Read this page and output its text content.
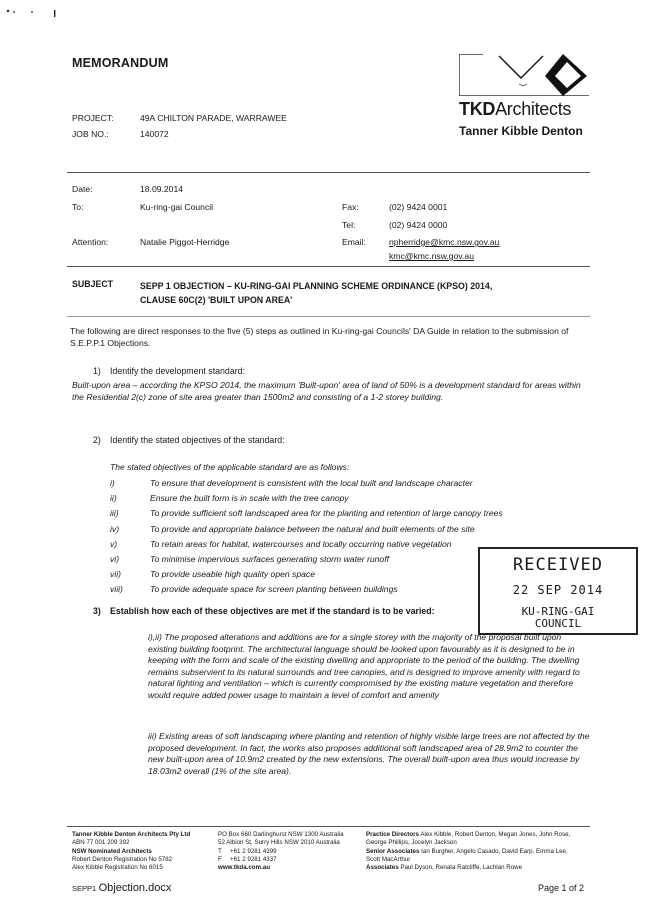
MEMORANDUM
PROJECT:	49A CHILTON PARADE, WARRAWEE
JOB NO.:	140072
TKDArchitects
Tanner Kibble Denton
Date:	18.09.2014
To:	Ku-ring-gai Council	Fax:	(02) 9424 0001
Tel:	(02) 9424 0000
Attention:	Natalie Piggot-Herridge	Email:	npherridge@kmc.nsw.gov.au
kmc@kmc.nsw.gov.au
SUBJECT	SEPP 1 OBJECTION – KU-RING-GAI PLANNING SCHEME ORDINANCE (KPSO) 2014,
CLAUSE 60C(2) 'BUILT UPON AREA'
The following are direct responses to the five (5) steps as outlined in Ku-ring-gai Councils' DA Guide in relation to the submission of S.E.P.P.1 Objections.
1) Identify the development standard:
Built-upon area – according the KPSO 2014, the maximum 'Built-upon' area of land of 50% is a development standard for areas within the Residential 2(c) zone of site area greater than 1500m2 and consisting of a 1-2 storey building.
2) Identify the stated objectives of the standard:
The stated objectives of the applicable standard are as follows:
i)	To ensure that development is consistent with the local built and landscape character
ii)	Ensure the built form is in scale with the tree canopy
iii)	To provide sufficient soft landscaped area for the planting and retention of large canopy trees
iv)	To provide and appropriate balance between the natural and built elements of the site
v)	To retain areas for habitat, watercourses and locally occurring native vegetation
vi)	To minimise impervious surfaces generating storm water runoff
vii)	To provide useable high quality open space
viii)	To provide adequate space for screen planting between buildings
RECEIVED
22 SEP 2014
KU-RING-GAI
COUNCIL
3) Establish how each of these objectives are met if the standard is to be varied:
i),ii) The proposed alterations and additions are for a single storey with the majority of the proposal built upon existing building footprint. The architectural language should be looked upon favourably as it is designed to be in keeping with the form and scale of the existing dwelling and appropriate to the period of the building. The dwelling remains subservient to its natural surrounds and tree canopies, and is designed to improve amenity with regard to natural lighting and ventilation – which is currently compromised by the existing mature vegetation and therefore would require added power usage to maintain a level of comfort and amenity
iii) Existing areas of soft landscaping where planting and retention of highly visible large trees are not affected by the proposed development. In fact, the works also proposes additional soft landscaped area of 28.9m2 to counter the new built-upon area of 10.9m2 created by the new extensions. The overall built-upon area thus would increase by 18.03m2 overall (1% of the site area).
Tanner Kibble Denton Architects Pty Ltd
ABN 77 001 209 392
NSW Nominated Architects
Robert Denton Registration No 5782
Alex Kibble Registration No 6015
PO Box 660 Darlinghurst NSW 1300 Australia
52 Albion St, Surry Hills NSW 2010 Australia
T +61 2 9281 4399
F +61 2 9281 4337
www.tkda.com.au
Practice Directors Alex Kibble, Robert Denton, Megan Jones, John Rose,
George Phillips, Jocelyn Jackson
Senior Associates Ian Burgher, Angelo Casado, David Earp, Emma Lee,
Scott MacArthur
Associates Paul Dyson, Renata Ratcliffe, Lachlan Rowe
SEPP1 Objection.docx	Page 1 of 2
